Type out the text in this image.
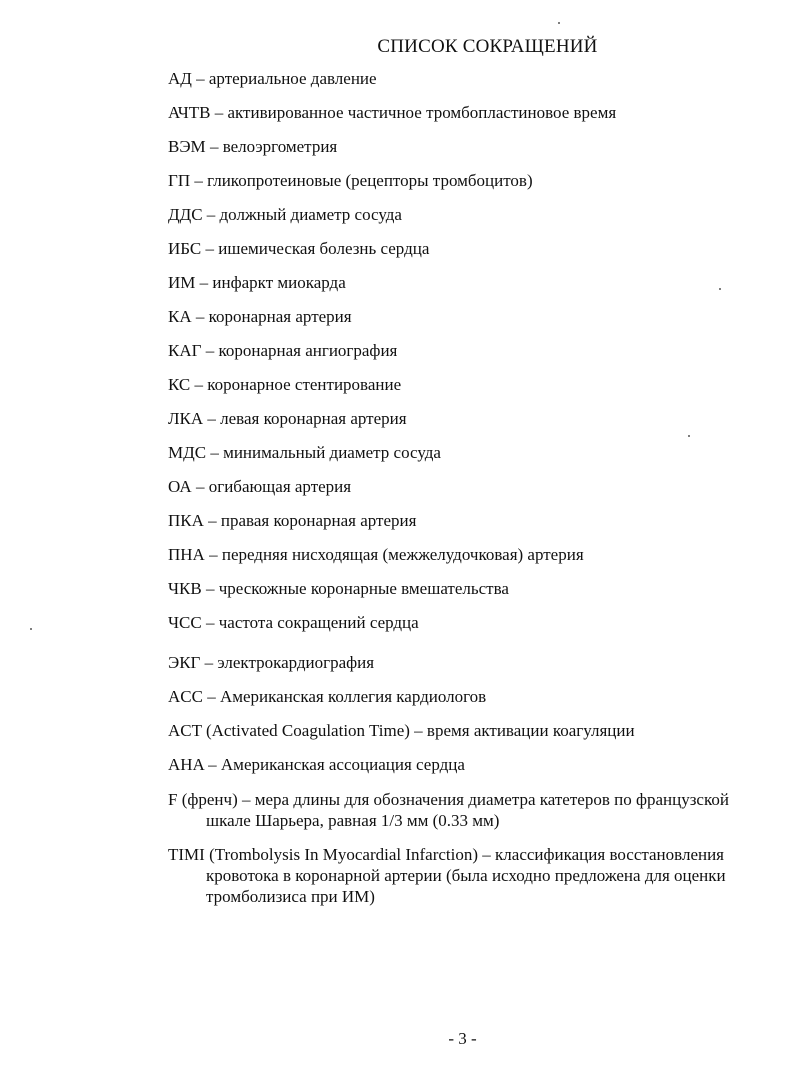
СПИСОК СОКРАЩЕНИЙ
АД – артериальное давление
АЧТВ – активированное частичное тромбопластиновое время
ВЭМ – велоэргометрия
ГП – гликопротеиновые (рецепторы тромбоцитов)
ДДС – должный диаметр сосуда
ИБС – ишемическая болезнь сердца
ИМ – инфаркт миокарда
КА – коронарная артерия
КАГ – коронарная ангиография
КС – коронарное стентирование
ЛКА – левая коронарная артерия
МДС – минимальный диаметр сосуда
ОА – огибающая артерия
ПКА – правая коронарная артерия
ПНА – передняя нисходящая (межжелудочковая) артерия
ЧКВ – чрескожные коронарные вмешательства
ЧСС – частота сокращений сердца
ЭКГ – электрокардиография
ACC – Американская коллегия кардиологов
ACT (Activated Coagulation Time) – время активации коагуляции
AHA – Американская ассоциация сердца
F (френч) – мера длины для обозначения диаметра катетеров по французской шкале Шарьера, равная 1/3 мм (0.33 мм)
TIMI (Trombolysis In Myocardial Infarction) – классификация восстановления кровотока в коронарной артерии (была исходно предложена для оценки тромболизиса при ИМ)
- 3 -
